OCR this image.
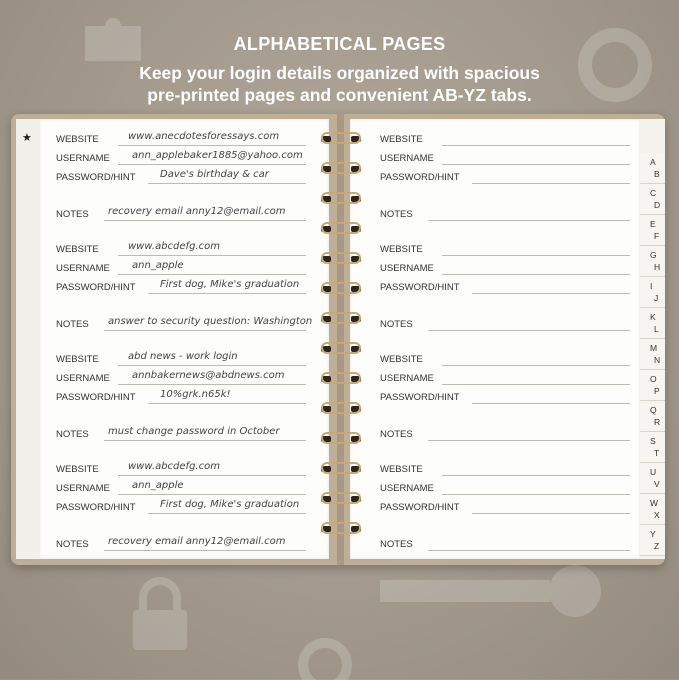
ALPHABETICAL PAGES
Keep your login details organized with spacious
pre-printed pages and convenient AB-YZ tabs.
★	WEBSITE	www.anecdotesforessays.com	WEBSITE
USERNAME ann_applebaker1885@yahoo.com	USERNAME
PASSWORD/HINT Dave's birthday & car	PASSWORD/HINT
NOTES recovery email anny12@email.com	NOTES
WEBSITE	www.abcdefg.com	WEBSITE
USERNAME ann_apple	USERNAME
PASSWORD/HINT First dog, Mike's graduation	PASSWORD/HINT
NOTES answer to security question: Washington	NOTES
WEBSITE	abd news - work login	WEBSITE
USERNAME annbakernews@abdnews.com	USERNAME
PASSWORD/HINT 10%grk.n65k!	PASSWORD/HINT
NOTES must change password in October	NOTES
WEBSITE	www.abcdefg.com	WEBSITE
USERNAME ann_apple	USERNAME
PASSWORD/HINT First dog, Mike's graduation	PASSWORD/HINT
NOTES recovery email anny12@email.com	NOTES
A
B
C
D
E
F
G
H
I
J
K
L
M
N
O
P
Q
R
S
T
U
V
W
X
Y
Z
